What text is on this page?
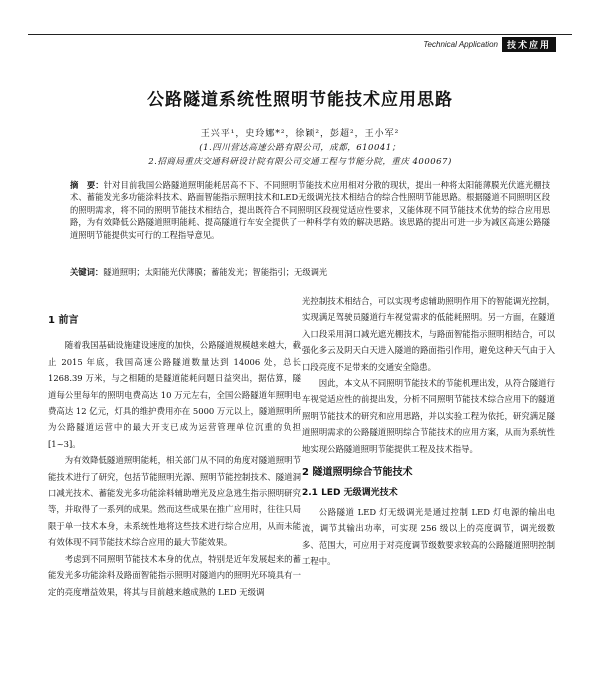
Technical Application	技术应用
公路隧道系统性照明节能技术应用思路
王兴平¹，史玲娜*²，徐颖²，彭超²，王小军²
(1.四川营达高速公路有限公司，成都，610041；
2.招商局重庆交通科研设计院有限公司交通工程与节能分院，重庆 400067)
摘　要：针对目前我国公路隧道照明能耗居高不下、不同照明节能技术应用相对分散的现状，提出一种将太阳能薄膜光伏遮光棚技术、蓄能发光多功能涂料技术、路面智能指示照明技术和LED无级调光技术相结合的综合性照明节能思路。根据隧道不同照明区段的照明需求，将不同的照明节能技术相结合，提出既符合不同照明区段视觉适应性要求，又能体现不同节能技术优势的综合应用思路，为有效降低公路隧道照明能耗、提高隧道行车安全提供了一种科学有效的解决思路。该思路的提出可进一步为减区高速公路隧道照明节能提供实可行的工程指导意见。
关键词：隧道照明；太阳能光伏薄膜；蓄能发光；智能指引；无级调光
1 前言

随着我国基础设施建设速度的加快，公路隧道规模越来越大，截止 2015 年底，我国高速公路隧道数量达到 14006 处，总长 1268.39 万米，与之相随的是隧道能耗问题日益突出，据估算，隧道每公里每年的照明电费高达 10 万元左右，全国公路隧道年照明电费高达 12 亿元，灯具的维护费用亦在 5000 万元以上，隧道照明所为公路隧道运营中的最大开支已成为运营管理单位沉重的负担[1~3]。

为有效降低隧道照明能耗，相关部门从不同的角度对隧道照明节能技术进行了研究，包括节能照明光源、照明节能控制技术、隧道洞口减光技术、蓄能发光多功能涂料辅助增光及应急逃生指示照明研究等，并取得了一系列的成果。然而这些成果在推广应用时，往往只局限于单一技术本身，未系统性地将这些技术进行综合应用，从而未能有效体现不同节能技术综合应用的最大节能效果。

考虑到不同照明节能技术本身的优点，特别是近年发展起来的蓄能发光多功能涂料及路面智能指示照明对隧道内的照明光环境具有一定的亮度增益效果，将其与目前越来越成熟的 LED 无级调

光控制技术相结合，可以实现考虑辅助照明作用下的智能调光控制，实现满足驾驶员隧道行车视觉需求的低能耗照明。另一方面，在隧道入口段采用洞口减光遮光棚技术，与路面智能指示照明相结合，可以强化多云及阴天白天进入隧道的路面指引作用，避免这种天气由于入口段亮度不足带来的交通安全隐患。

因此，本文从不同照明节能技术的节能机理出发，从符合隧道行车视觉适应性的前提出发，分析不同照明节能技术综合应用下的隧道照明节能技术的研究和应用思路，并以实验工程为依托，研究满足隧道照明需求的公路隧道照明综合节能技术的应用方案，从而为系统性地实现公路隧道照明节能提供工程及技术指导。

2 隧道照明综合节能技术
2.1 LED 无级调光技术

公路隧道 LED 灯无级调光是通过控制 LED 灯电源的输出电流，调节其输出功率，可实现 256 级以上的亮度调节，调光级数多、范围大，可应用于对亮度调节级数要求较高的公路隧道照明控制工程中。
